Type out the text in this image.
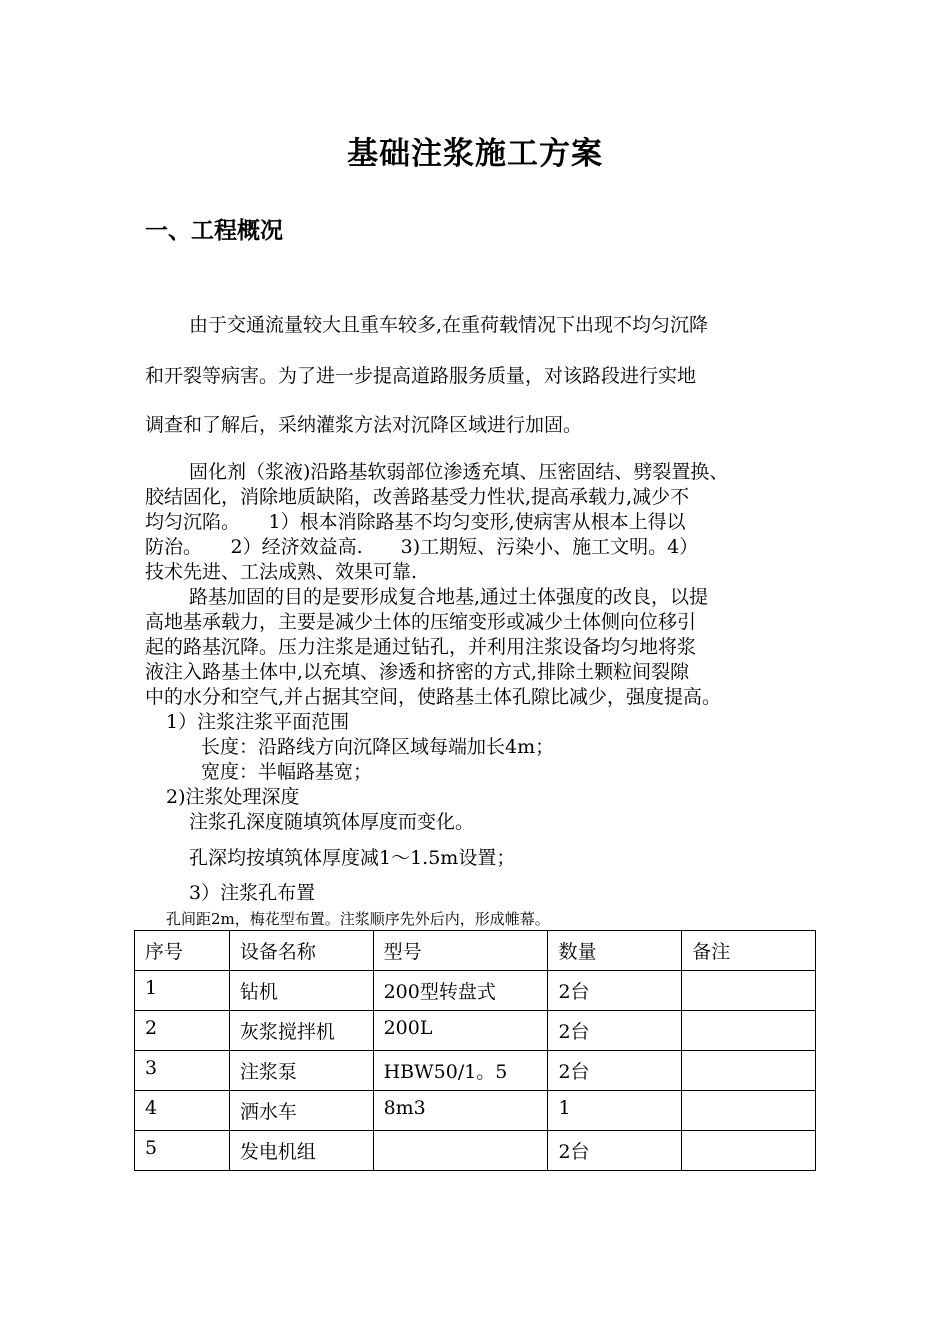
基础注浆施工方案
一、工程概况
由于交通流量较大且重车较多,在重荷载情况下出现不均匀沉降
和开裂等病害。为了进一步提高道路服务质量，对该路段进行实地
调查和了解后，采纳灌浆方法对沉降区域进行加固。
固化剂（浆液)沿路基软弱部位渗透充填、压密固结、劈裂置换、
胶结固化，消除地质缺陷，改善路基受力性状,提高承载力,减少不
均匀沉陷。　　1）根本消除路基不均匀变形,使病害从根本上得以
防治。　　2）经济效益高.　　3)工期短、污染小、施工文明。4）
技术先进、工法成熟、效果可靠.
路基加固的目的是要形成复合地基,通过土体强度的改良，以提
高地基承载力，主要是减少土体的压缩变形或减少土体侧向位移引
起的路基沉降。压力注浆是通过钻孔，并利用注浆设备均匀地将浆
液注入路基土体中,以充填、渗透和挤密的方式,排除土颗粒间裂隙
中的水分和空气,并占据其空间，使路基土体孔隙比减少，强度提高。
1）注浆注浆平面范围
长度：沿路线方向沉降区域每端加长4m；
宽度：半幅路基宽；
2)注浆处理深度
注浆孔深度随填筑体厚度而变化。
孔深均按填筑体厚度减1～1.5m设置；
3）注浆孔布置
孔间距2m，梅花型布置。注浆顺序先外后内，形成帷幕。
序号	设备名称	型号	数量	备注
1	钻机	200型转盘式	2台	
2	灰浆搅拌机	200L	2台	
3	注浆泵	HBW50/1。5	2台	
4	洒水车	8m3	1	
5	发电机组		2台	
